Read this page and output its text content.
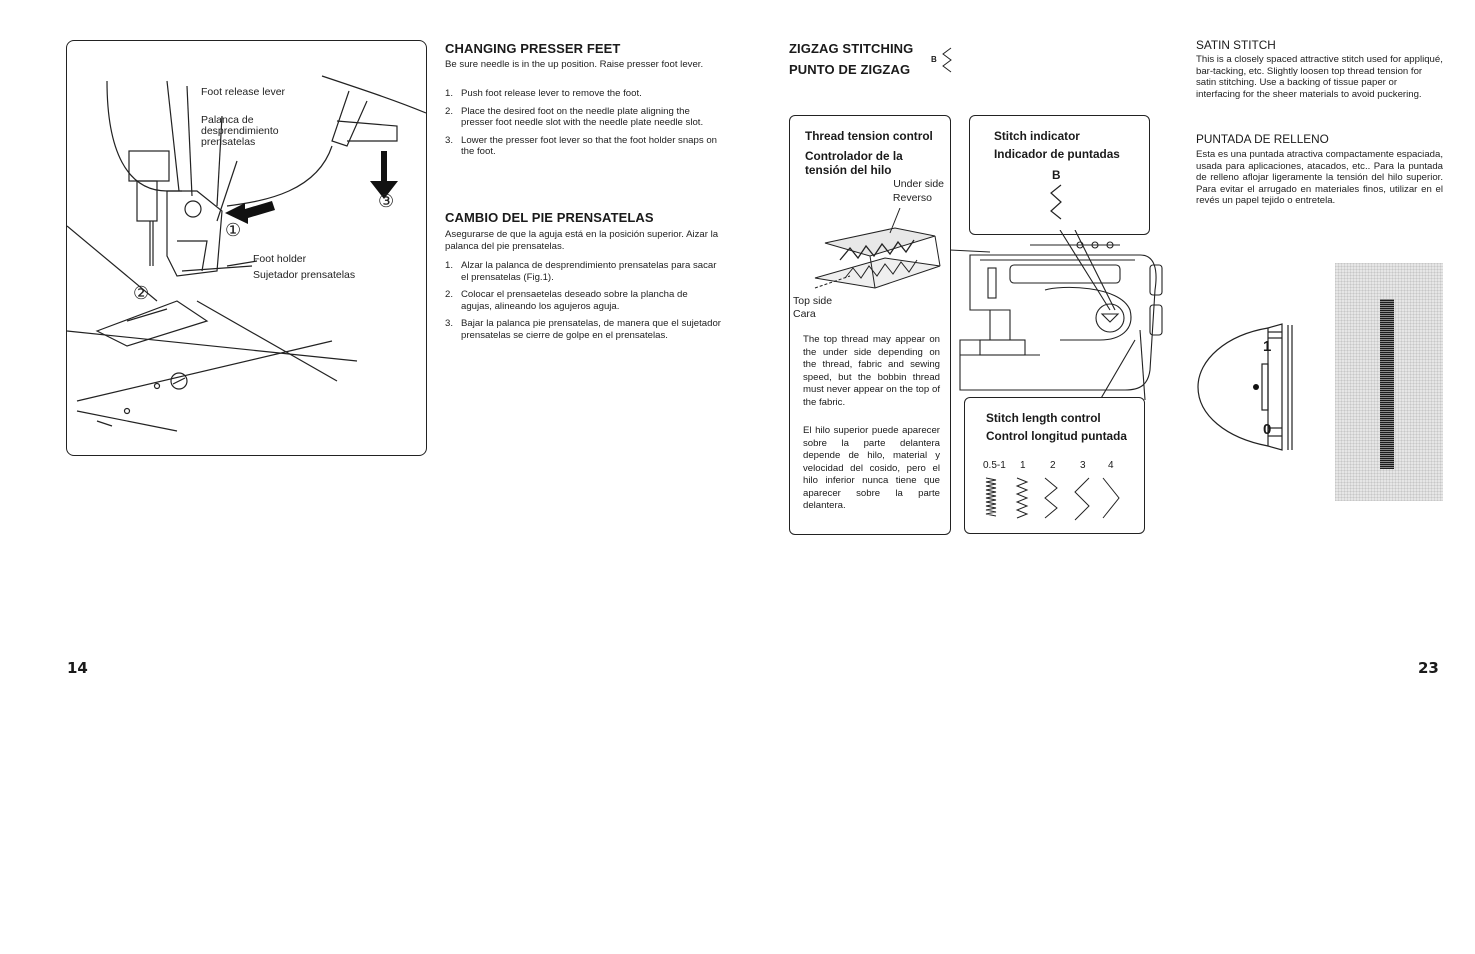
Foot release lever
Palanca de desprendimiento prensatelas
Foot holder
Sujetador prensatelas
①
②
③
CHANGING PRESSER FEET
Be sure needle is in the up position. Raise presser foot lever.
1. Push foot release lever to remove the foot.
2. Place the desired foot on the needle plate aligning the presser foot needle slot with the needle plate needle slot.
3. Lower the presser foot lever so that the foot holder snaps on the foot.
CAMBIO DEL PIE PRENSATELAS
Asegurarse de que la aguja está en la posición superior. Aizar la palanca del pie prensatelas.
1. Alzar la palanca de desprendimiento prensatelas para sacar el prensatelas (Fig.1).
2. Colocar el prensaetelas deseado sobre la plancha de agujas, alineando los agujeros aguja.
3. Bajar la palanca pie prensatelas, de manera que el sujetador prensatelas se cierre de golpe en el prensatelas.
14
ZIGZAG STITCHING
PUNTO DE ZIGZAG
B
Thread tension control
Controlador de la tensión del hilo
Under side
Reverso
Top side
Cara
The top thread may appear on the under side depending on the thread, fabric and sewing speed, but the bobbin thread must never appear on the top of the fabric.
El hilo superior puede aparecer sobre la parte delantera depende de hilo, material y velocidad del cosido, pero el hilo inferior nunca tiene que aparecer sobre la parte delantera.
Stitch indicator
Indicador de puntadas
B
Stitch length control
Control longitud puntada
0.5-1 1 2 3 4
SATIN STITCH
This is a closely spaced attractive stitch used for appliqué, bar-tacking, etc. Slightly loosen top thread tension for satin stitching. Use a backing of tissue paper or interfacing for the sheer materials to avoid puckering.
PUNTADA DE RELLENO
Esta es una puntada atractiva compactamente espaciada, usada para aplicaciones, atacados, etc.. Para la puntada de relleno aflojar ligeramente la tensión del hilo superior. Para evitar el arrugado en materiales finos, utilizar en el revés un papel tejido o entretela.
1
0
23
